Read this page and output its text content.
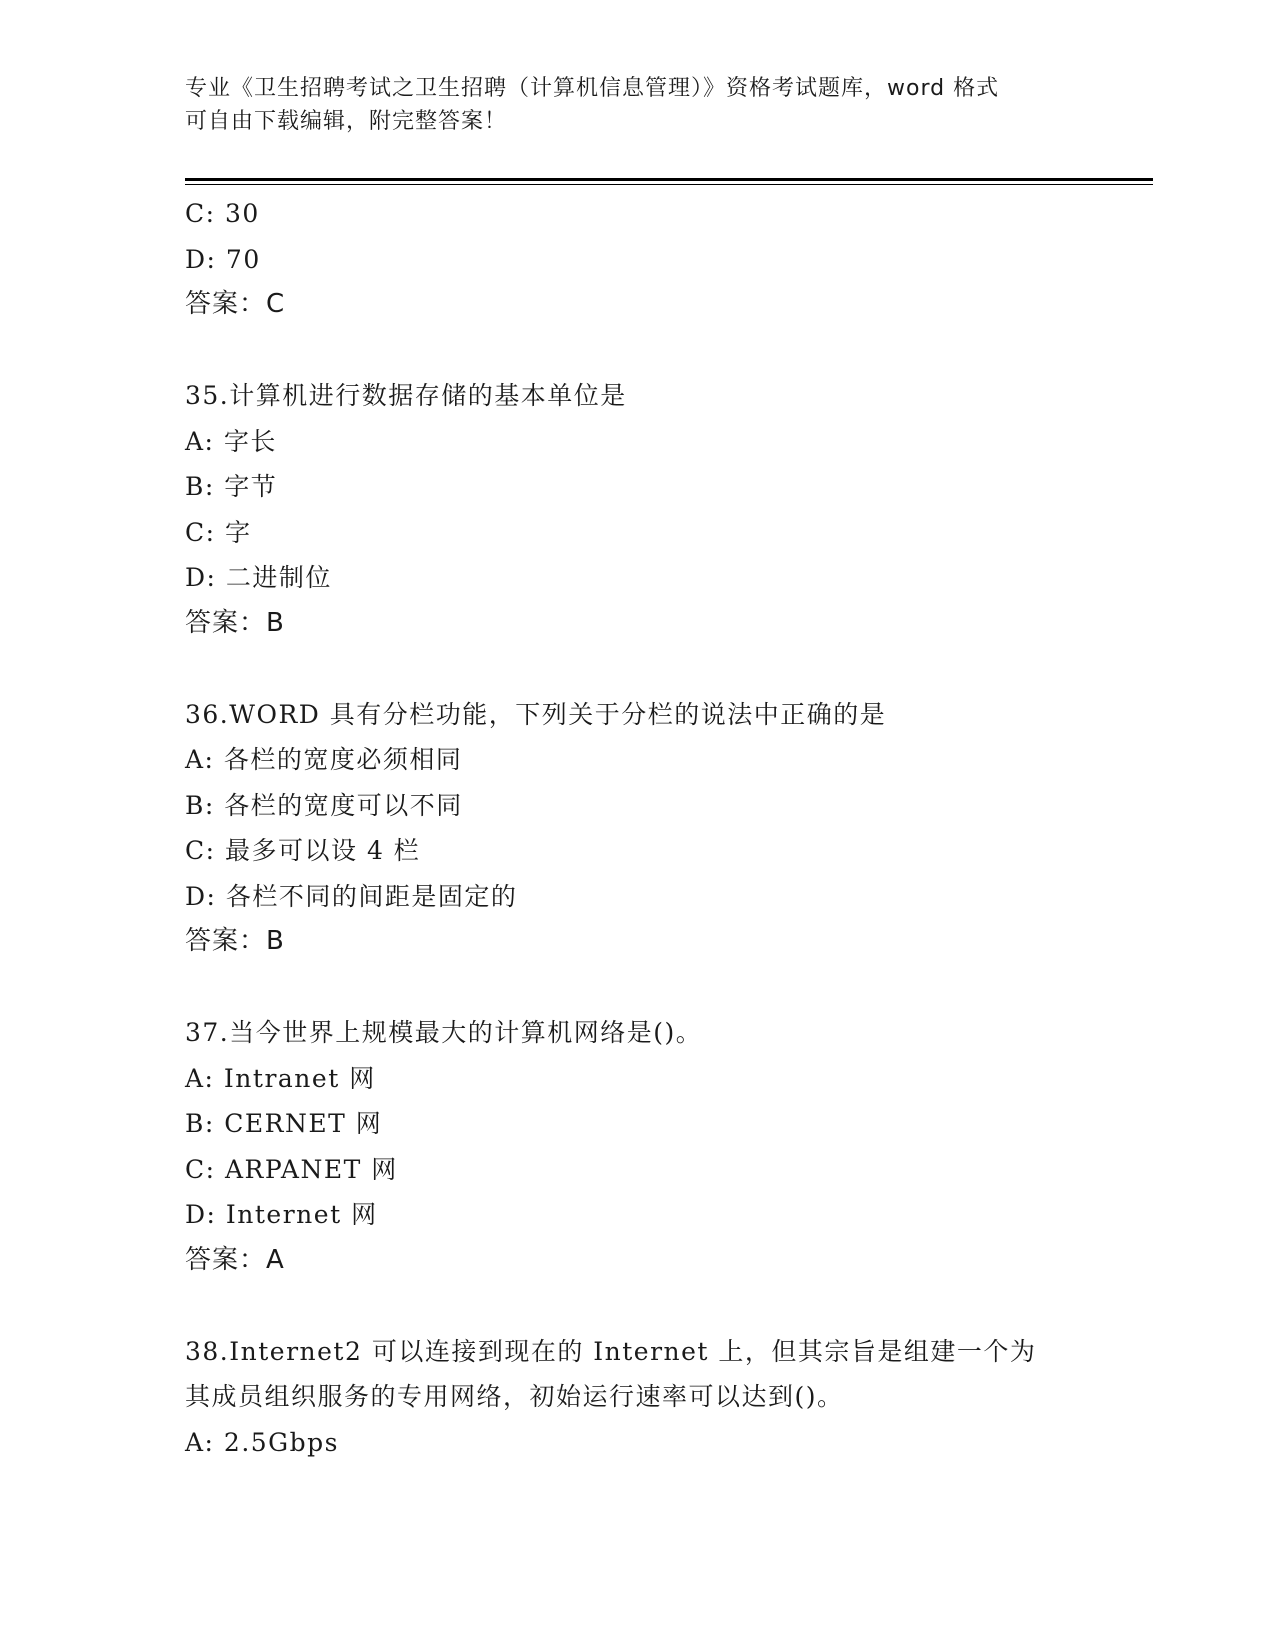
专业《卫生招聘考试之卫生招聘（计算机信息管理）》资格考试题库，word 格式
可自由下载编辑，附完整答案！
C: 30
D: 70
答案：C
35.计算机进行数据存储的基本单位是
A: 字长
B: 字节
C: 字
D: 二进制位
答案：B
36.WORD 具有分栏功能，下列关于分栏的说法中正确的是
A: 各栏的宽度必须相同
B: 各栏的宽度可以不同
C: 最多可以设 4 栏
D: 各栏不同的间距是固定的
答案：B
37.当今世界上规模最大的计算机网络是()。
A: Intranet 网
B: CERNET 网
C: ARPANET 网
D: Internet 网
答案：A
38.Internet2 可以连接到现在的 Internet 上，但其宗旨是组建一个为
其成员组织服务的专用网络，初始运行速率可以达到()。
A: 2.5Gbps
